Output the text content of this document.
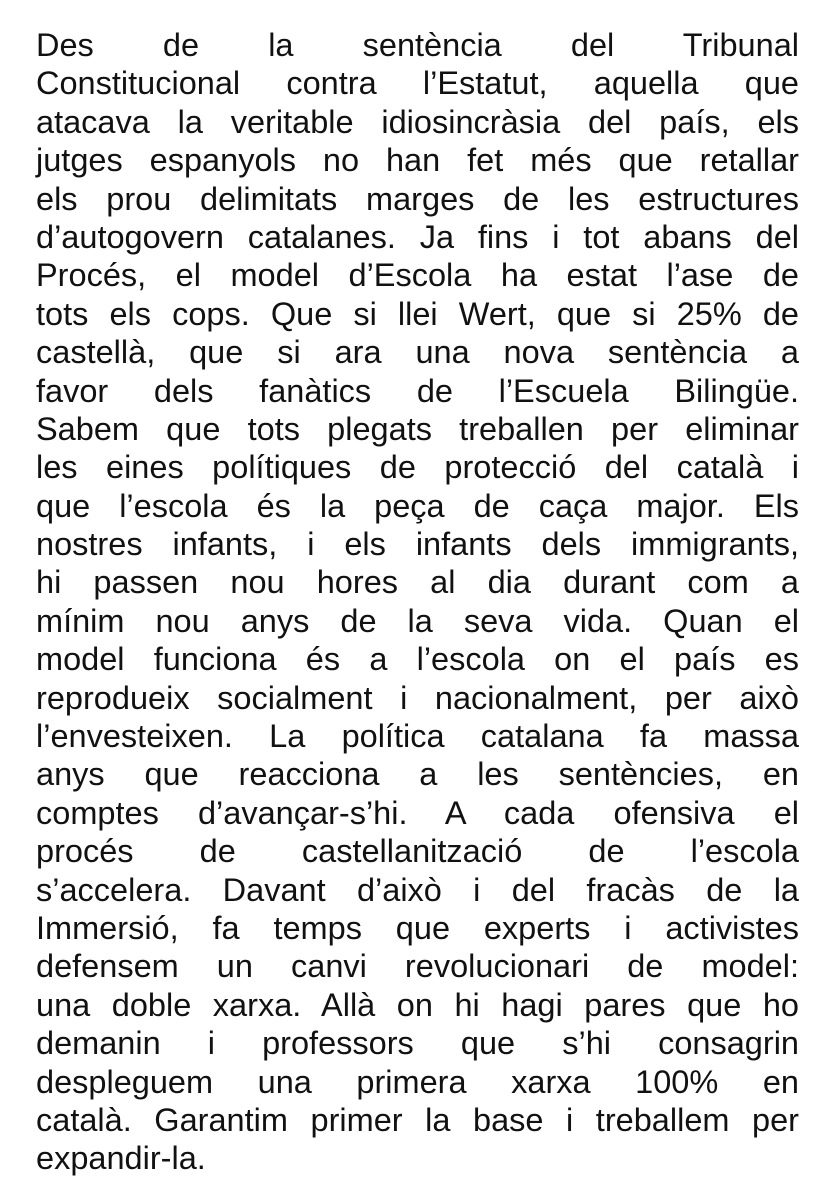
Des de la sentència del Tribunal
Constitucional contra l’Estatut, aquella que
atacava la veritable idiosincràsia del país, els
jutges espanyols no han fet més que retallar
els prou delimitats marges de les estructures
d’autogovern catalanes. Ja fins i tot abans del
Procés, el model d’Escola ha estat l’ase de
tots els cops. Que si llei Wert, que si 25% de
castellà, que si ara una nova sentència a
favor dels fanàtics de l’Escuela Bilingüe.
Sabem que tots plegats treballen per eliminar
les eines polítiques de protecció del català i
que l’escola és la peça de caça major. Els
nostres infants, i els infants dels immigrants,
hi passen nou hores al dia durant com a
mínim nou anys de la seva vida. Quan el
model funciona és a l’escola on el país es
reprodueix socialment i nacionalment, per això
l’envesteixen. La política catalana fa massa
anys que reacciona a les sentències, en
comptes d’avançar-s’hi. A cada ofensiva el
procés de castellanització de l’escola
s’accelera. Davant d’això i del fracàs de la
Immersió, fa temps que experts i activistes
defensem un canvi revolucionari de model:
una doble xarxa. Allà on hi hagi pares que ho
demanin i professors que s’hi consagrin
despleguem una primera xarxa 100% en
català. Garantim primer la base i treballem per
expandir-la.
